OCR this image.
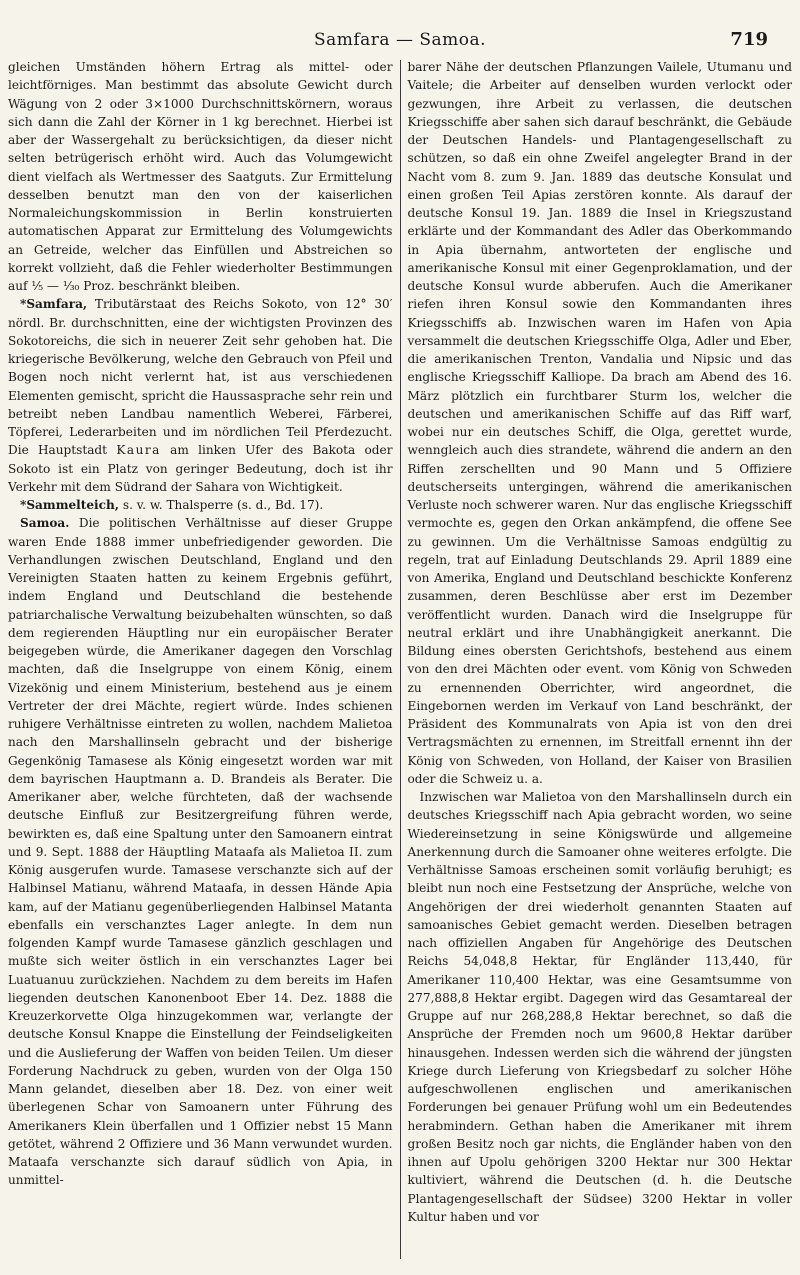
Samfara — Samoa.	719

gleichen Umständen höhern Ertrag als mittel- oder leichtförniges. Man bestimmt das absolute Gewicht durch Wägung von 2 oder 3×1000 Durchschnittskörnern, woraus sich dann die Zahl der Körner in 1 kg berechnet. Hierbei ist aber der Wassergehalt zu berücksichtigen, da dieser nicht selten betrügerisch erhöht wird. Auch das Volumgewicht dient vielfach als Wertmesser des Saatguts. Zur Ermittelung desselben benutzt man den von der kaiserlichen Normaleichungskommission in Berlin konstruierten automatischen Apparat zur Ermittelung des Volumgewichts an Getreide, welcher das Einfüllen und Abstreichen so korrekt vollzieht, daß die Fehler wiederholter Bestimmungen auf ⅕ — ¹⁄₃₀ Proz. beschränkt bleiben.

*Samfara, Tributärstaat des Reichs Sokoto, von 12° 30′ nördl. Br. durchschnitten, eine der wichtigsten Provinzen des Sokotoreichs, die sich in neuerer Zeit sehr gehoben hat. Die kriegerische Bevölkerung, welche den Gebrauch von Pfeil und Bogen noch nicht verlernt hat, ist aus verschiedenen Elementen gemischt, spricht die Haussasprache sehr rein und betreibt neben Landbau namentlich Weberei, Färberei, Töpferei, Lederarbeiten und im nördlichen Teil Pferdezucht. Die Hauptstadt Kaura am linken Ufer des Bakota oder Sokoto ist ein Platz von geringer Bedeutung, doch ist ihr Verkehr mit dem Südrand der Sahara von Wichtigkeit.

*Sammelteich, s. v. w. Thalsperre (s. d., Bd. 17).

Samoa. Die politischen Verhältnisse auf dieser Gruppe waren Ende 1888 immer unbefriedigender geworden. Die Verhandlungen zwischen Deutschland, England und den Vereinigten Staaten hatten zu keinem Ergebnis geführt, indem England und Deutschland die bestehende patriarchalische Verwaltung beizubehalten wünschten, so daß dem regierenden Häuptling nur ein europäischer Berater beigegeben würde, die Amerikaner dagegen den Vorschlag machten, daß die Inselgruppe von einem König, einem Vizekönig und einem Ministerium, bestehend aus je einem Vertreter der drei Mächte, regiert würde. Indes schienen ruhigere Verhältnisse eintreten zu wollen, nachdem Malietoa nach den Marshallinseln gebracht und der bisherige Gegenkönig Tamasese als König eingesetzt worden war mit dem bayrischen Hauptmann a. D. Brandeis als Berater. Die Amerikaner aber, welche fürchteten, daß der wachsende deutsche Einfluß zur Besitzergreifung führen werde, bewirkten es, daß eine Spaltung unter den Samoanern eintrat und 9. Sept. 1888 der Häuptling Mataafa als Malietoa II. zum König ausgerufen wurde. Tamasese verschanzte sich auf der Halbinsel Matianu, während Mataafa, in dessen Hände Apia kam, auf der Matianu gegenüberliegenden Halbinsel Matanta ebenfalls ein verschanztes Lager anlegte. In dem nun folgenden Kampf wurde Tamasese gänzlich geschlagen und mußte sich weiter östlich in ein verschanztes Lager bei Luatuanuu zurückziehen. Nachdem zu dem bereits im Hafen liegenden deutschen Kanonenboot Eber 14. Dez. 1888 die Kreuzerkorvette Olga hinzugekommen war, verlangte der deutsche Konsul Knappe die Einstellung der Feindseligkeiten und die Auslieferung der Waffen von beiden Teilen. Um dieser Forderung Nachdruck zu geben, wurden von der Olga 150 Mann gelandet, dieselben aber 18. Dez. von einer weit überlegenen Schar von Samoanern unter Führung des Amerikaners Klein überfallen und 1 Offizier nebst 15 Mann getötet, während 2 Offiziere und 36 Mann verwundet wurden. Mataafa verschanzte sich darauf südlich von Apia, in unmittel-

barer Nähe der deutschen Pflanzungen Vailele, Utumanu und Vaitele; die Arbeiter auf denselben wurden verlockt oder gezwungen, ihre Arbeit zu verlassen, die deutschen Kriegsschiffe aber sahen sich darauf beschränkt, die Gebäude der Deutschen Handels- und Plantagengesellschaft zu schützen, so daß ein ohne Zweifel angelegter Brand in der Nacht vom 8. zum 9. Jan. 1889 das deutsche Konsulat und einen großen Teil Apias zerstören konnte. Als darauf der deutsche Konsul 19. Jan. 1889 die Insel in Kriegszustand erklärte und der Kommandant des Adler das Oberkommando in Apia übernahm, antworteten der englische und amerikanische Konsul mit einer Gegenproklamation, und der deutsche Konsul wurde abberufen. Auch die Amerikaner riefen ihren Konsul sowie den Kommandanten ihres Kriegsschiffs ab. Inzwischen waren im Hafen von Apia versammelt die deutschen Kriegsschiffe Olga, Adler und Eber, die amerikanischen Trenton, Vandalia und Nipsic und das englische Kriegsschiff Kalliope. Da brach am Abend des 16. März plötzlich ein furchtbarer Sturm los, welcher die deutschen und amerikanischen Schiffe auf das Riff warf, wobei nur ein deutsches Schiff, die Olga, gerettet wurde, wenngleich auch dies strandete, während die andern an den Riffen zerschellten und 90 Mann und 5 Offiziere deutscherseits untergingen, während die amerikanischen Verluste noch schwerer waren. Nur das englische Kriegsschiff vermochte es, gegen den Orkan ankämpfend, die offene See zu gewinnen. Um die Verhältnisse Samoas endgültig zu regeln, trat auf Einladung Deutschlands 29. April 1889 eine von Amerika, England und Deutschland beschickte Konferenz zusammen, deren Beschlüsse aber erst im Dezember veröffentlicht wurden. Danach wird die Inselgruppe für neutral erklärt und ihre Unabhängigkeit anerkannt. Die Bildung eines obersten Gerichtshofs, bestehend aus einem von den drei Mächten oder event. vom König von Schweden zu ernennenden Oberrichter, wird angeordnet, die Eingebornen werden im Verkauf von Land beschränkt, der Präsident des Kommunalrats von Apia ist von den drei Vertragsmächten zu ernennen, im Streitfall ernennt ihn der König von Schweden, von Holland, der Kaiser von Brasilien oder die Schweiz u. a.

Inzwischen war Malietoa von den Marshallinseln durch ein deutsches Kriegsschiff nach Apia gebracht worden, wo seine Wiedereinsetzung in seine Königswürde und allgemeine Anerkennung durch die Samoaner ohne weiteres erfolgte. Die Verhältnisse Samoas erscheinen somit vorläufig beruhigt; es bleibt nun noch eine Festsetzung der Ansprüche, welche von Angehörigen der drei wiederholt genannten Staaten auf samoanisches Gebiet gemacht werden. Dieselben betragen nach offiziellen Angaben für Angehörige des Deutschen Reichs 54,048,8 Hektar, für Engländer 113,440, für Amerikaner 110,400 Hektar, was eine Gesamtsumme von 277,888,8 Hektar ergibt. Dagegen wird das Gesamtareal der Gruppe auf nur 268,288,8 Hektar berechnet, so daß die Ansprüche der Fremden noch um 9600,8 Hektar darüber hinausgehen. Indessen werden sich die während der jüngsten Kriege durch Lieferung von Kriegsbedarf zu solcher Höhe aufgeschwollenen englischen und amerikanischen Forderungen bei genauer Prüfung wohl um ein Bedeutendes herabmindern. Gethan haben die Amerikaner mit ihrem großen Besitz noch gar nichts, die Engländer haben von den ihnen auf Upolu gehörigen 3200 Hektar nur 300 Hektar kultiviert, während die Deutschen (d. h. die Deutsche Plantagengesellschaft der Südsee) 3200 Hektar in voller Kultur haben und vor
